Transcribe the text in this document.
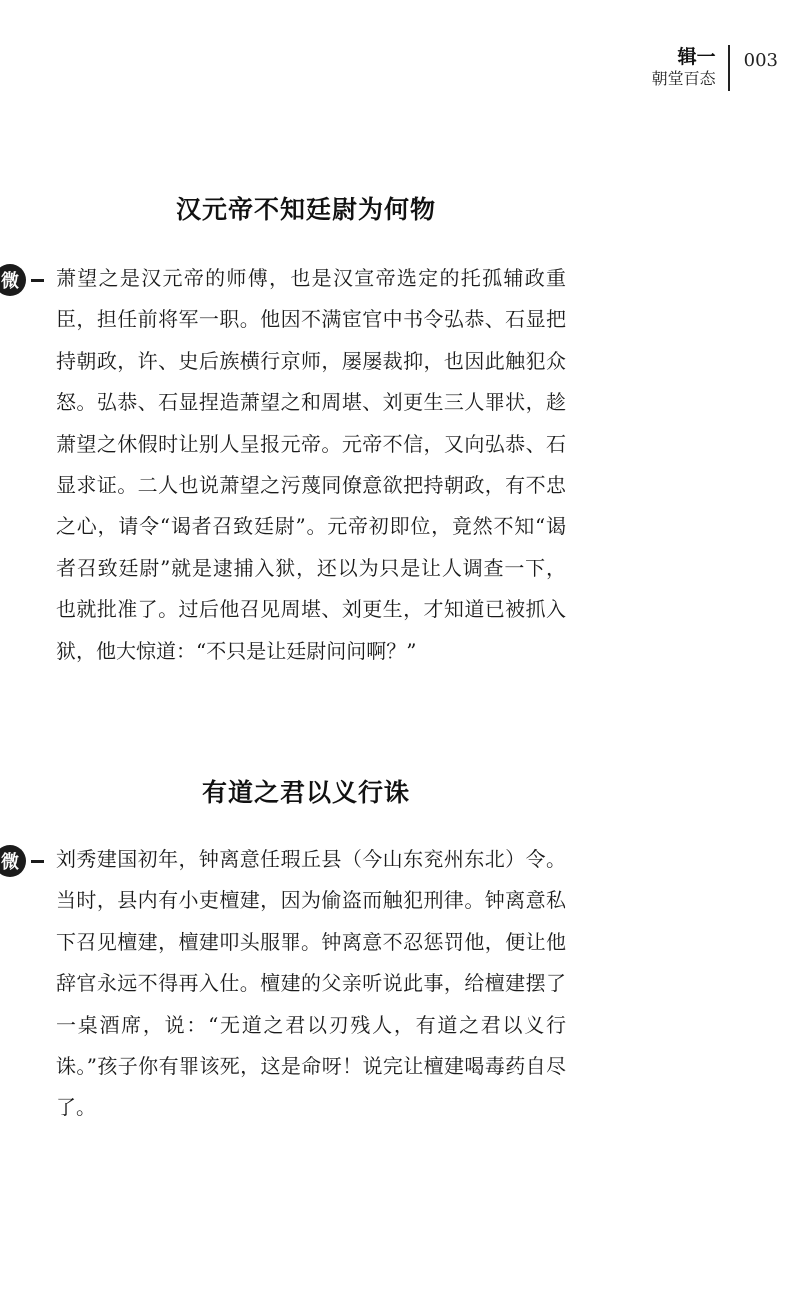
辑一
朝堂百态
003
汉元帝不知廷尉为何物
微	萧望之是汉元帝的师傅，也是汉宣帝选定的托孤辅政重臣，担任前将军一职。他因不满宦官中书令弘恭、石显把持朝政，许、史后族横行京师，屡屡裁抑，也因此触犯众怒。弘恭、石显捏造萧望之和周堪、刘更生三人罪状，趁萧望之休假时让别人呈报元帝。元帝不信，又向弘恭、石显求证。二人也说萧望之污蔑同僚意欲把持朝政，有不忠之心，请令“谒者召致廷尉”。元帝初即位，竟然不知“谒者召致廷尉”就是逮捕入狱，还以为只是让人调查一下，也就批准了。过后他召见周堪、刘更生，才知道已被抓入狱，他大惊道：“不只是让廷尉问问啊？”

有道之君以义行诛
微	刘秀建国初年，钟离意任瑕丘县（今山东兖州东北）令。当时，县内有小吏檀建，因为偷盗而触犯刑律。钟离意私下召见檀建，檀建叩头服罪。钟离意不忍惩罚他，便让他辞官永远不得再入仕。檀建的父亲听说此事，给檀建摆了一桌酒席，说：“无道之君以刃残人，有道之君以义行诛。”孩子你有罪该死，这是命呀！说完让檀建喝毒药自尽了。
